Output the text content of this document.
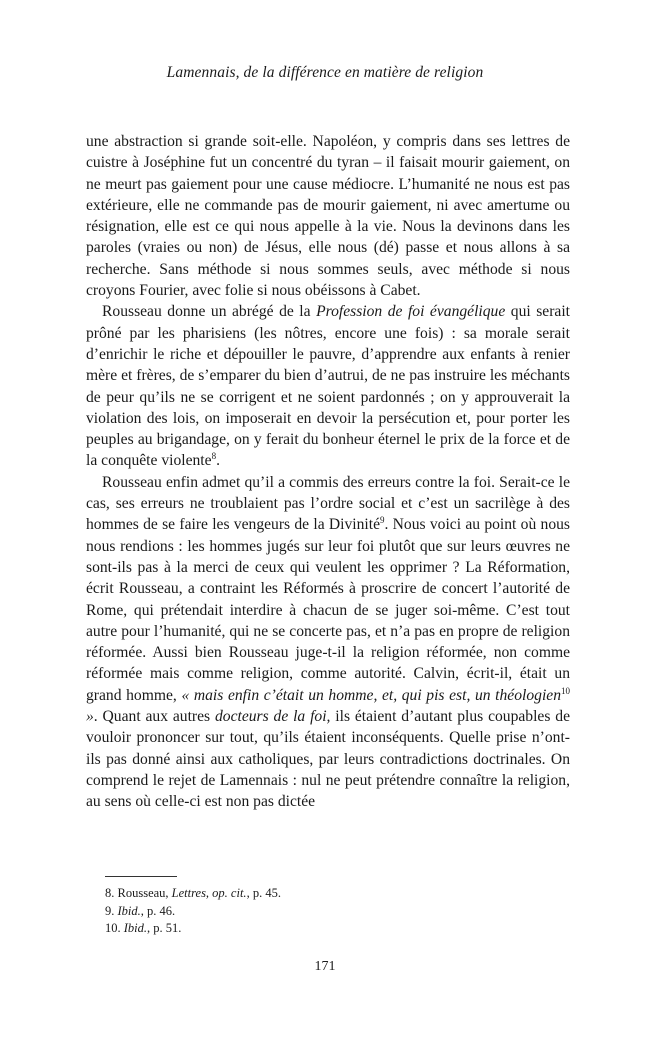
Lamennais, de la différence en matière de religion

une abstraction si grande soit-elle. Napoléon, y compris dans ses lettres de cuistre à Joséphine fut un concentré du tyran – il faisait mourir gaiement, on ne meurt pas gaiement pour une cause médiocre. L’humanité ne nous est pas extérieure, elle ne commande pas de mourir gaiement, ni avec amertume ou résignation, elle est ce qui nous appelle à la vie. Nous la devinons dans les paroles (vraies ou non) de Jésus, elle nous (dé) passe et nous allons à sa recherche. Sans méthode si nous sommes seuls, avec méthode si nous croyons Fourier, avec folie si nous obéissons à Cabet.

Rousseau donne un abrégé de la Profession de foi évangélique qui serait prôné par les pharisiens (les nôtres, encore une fois) : sa morale serait d’enrichir le riche et dépouiller le pauvre, d’apprendre aux enfants à renier mère et frères, de s’emparer du bien d’autrui, de ne pas instruire les méchants de peur qu’ils ne se corrigent et ne soient pardonnés ; on y approuverait la violation des lois, on imposerait en devoir la persécution et, pour porter les peuples au brigandage, on y ferait du bonheur éternel le prix de la force et de la conquête violente$^8$.

Rousseau enfin admet qu’il a commis des erreurs contre la foi. Serait-ce le cas, ses erreurs ne troublaient pas l’ordre social et c’est un sacrilège à des hommes de se faire les vengeurs de la Divinité$^9$. Nous voici au point où nous nous rendions : les hommes jugés sur leur foi plutôt que sur leurs œuvres ne sont-ils pas à la merci de ceux qui veulent les opprimer ? La Réformation, écrit Rousseau, a contraint les Réformés à proscrire de concert l’autorité de Rome, qui prétendait interdire à chacun de se juger soi-même. C’est tout autre pour l’humanité, qui ne se concerte pas, et n’a pas en propre de religion réformée. Aussi bien Rousseau juge-t-il la religion réformée, non comme réformée mais comme religion, comme autorité. Calvin, écrit-il, était un grand homme, « mais enfin c’était un homme, et, qui pis est, un théologien$^{10}$ ». Quant aux autres docteurs de la foi, ils étaient d’autant plus coupables de vouloir prononcer sur tout, qu’ils étaient inconséquents. Quelle prise n’ont-ils pas donné ainsi aux catholiques, par leurs contradictions doctrinales. On comprend le rejet de Lamennais : nul ne peut prétendre connaître la religion, au sens où celle-ci est non pas dictée

8. Rousseau, Lettres, op. cit., p. 45.

9. Ibid., p. 46.

10. Ibid., p. 51.

171
